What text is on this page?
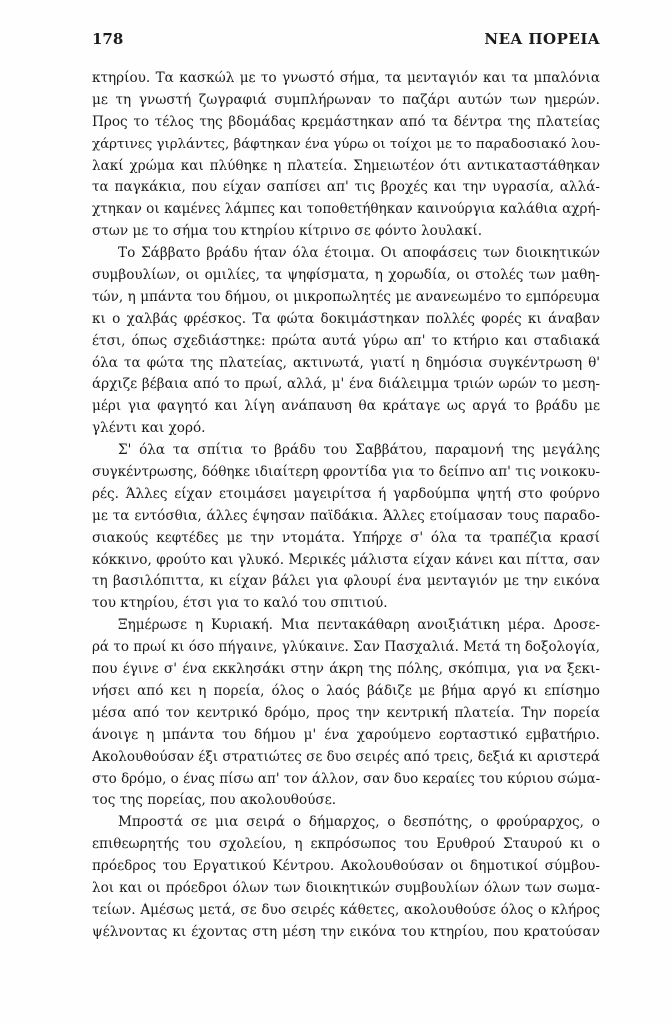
178	ΝΕΑ ΠΟΡΕΙΑ
κτηρίου. Τα κασκώλ με το γνωστό σήμα, τα μενταγιόν και τα μπαλόνια
με τη γνωστή ζωγραφιά συμπλήρωναν το παζάρι αυτών των ημερών.
Προς το τέλος της βδομάδας κρεμάστηκαν από τα δέντρα της πλατείας
χάρτινες γιρλάντες, βάφτηκαν ένα γύρω οι τοίχοι με το παραδοσιακό λου-
λακί χρώμα και πλύθηκε η πλατεία. Σημειωτέον ότι αντικαταστάθηκαν
τα παγκάκια, που είχαν σαπίσει απ' τις βροχές και την υγρασία, αλλά-
χτηκαν οι καμένες λάμπες και τοποθετήθηκαν καινούργια καλάθια αχρή-
στων με το σήμα του κτηρίου κίτρινο σε φόντο λουλακί.
Το Σάββατο βράδυ ήταν όλα έτοιμα. Οι αποφάσεις των διοικητικών
συμβουλίων, οι ομιλίες, τα ψηφίσματα, η χορωδία, οι στολές των μαθη-
τών, η μπάντα του δήμου, οι μικροπωλητές με ανανεωμένο το εμπόρευμα
κι ο χαλβάς φρέσκος. Τα φώτα δοκιμάστηκαν πολλές φορές κι άναβαν
έτσι, όπως σχεδιάστηκε: πρώτα αυτά γύρω απ' το κτήριο και σταδιακά
όλα τα φώτα της πλατείας, ακτινωτά, γιατί η δημόσια συγκέντρωση θ'
άρχιζε βέβαια από το πρωί, αλλά, μ' ένα διάλειμμα τριών ωρών το μεση-
μέρι για φαγητό και λίγη ανάπαυση θα κράταγε ως αργά το βράδυ με
γλέντι και χορό.
Σ' όλα τα σπίτια το βράδυ του Σαββάτου, παραμονή της μεγάλης
συγκέντρωσης, δόθηκε ιδιαίτερη φροντίδα για το δείπνο απ' τις νοικοκυ-
ρές. Άλλες είχαν ετοιμάσει μαγειρίτσα ή γαρδούμπα ψητή στο φούρνο
με τα εντόσθια, άλλες έψησαν παϊδάκια. Άλλες ετοίμασαν τους παραδο-
σιακούς κεφτέδες με την ντομάτα. Υπήρχε σ' όλα τα τραπέζια κρασί
κόκκινο, φρούτο και γλυκό. Μερικές μάλιστα είχαν κάνει και πίττα, σαν
τη βασιλόπιττα, κι είχαν βάλει για φλουρί ένα μενταγιόν με την εικόνα
του κτηρίου, έτσι για το καλό του σπιτιού.
Ξημέρωσε η Κυριακή. Μια πεντακάθαρη ανοιξιάτικη μέρα. Δροσε-
ρά το πρωί κι όσο πήγαινε, γλύκαινε. Σαν Πασχαλιά. Μετά τη δοξολογία,
που έγινε σ' ένα εκκλησάκι στην άκρη της πόλης, σκόπιμα, για να ξεκι-
νήσει από κει η πορεία, όλος ο λαός βάδιζε με βήμα αργό κι επίσημο
μέσα από τον κεντρικό δρόμο, προς την κεντρική πλατεία. Την πορεία
άνοιγε η μπάντα του δήμου μ' ένα χαρούμενο εορταστικό εμβατήριο.
Ακολουθούσαν έξι στρατιώτες σε δυο σειρές από τρεις, δεξιά κι αριστερά
στο δρόμο, ο ένας πίσω απ' τον άλλον, σαν δυο κεραίες του κύριου σώμα-
τος της πορείας, που ακολουθούσε.
Μπροστά σε μια σειρά ο δήμαρχος, ο δεσπότης, ο φρούραρχος, ο
επιθεωρητής του σχολείου, η εκπρόσωπος του Ερυθρού Σταυρού κι ο
πρόεδρος του Εργατικού Κέντρου. Ακολουθούσαν οι δημοτικοί σύμβου-
λοι και οι πρόεδροι όλων των διοικητικών συμβουλίων όλων των σωμα-
τείων. Αμέσως μετά, σε δυο σειρές κάθετες, ακολουθούσε όλος ο κλήρος
ψέλνοντας κι έχοντας στη μέση την εικόνα του κτηρίου, που κρατούσαν
